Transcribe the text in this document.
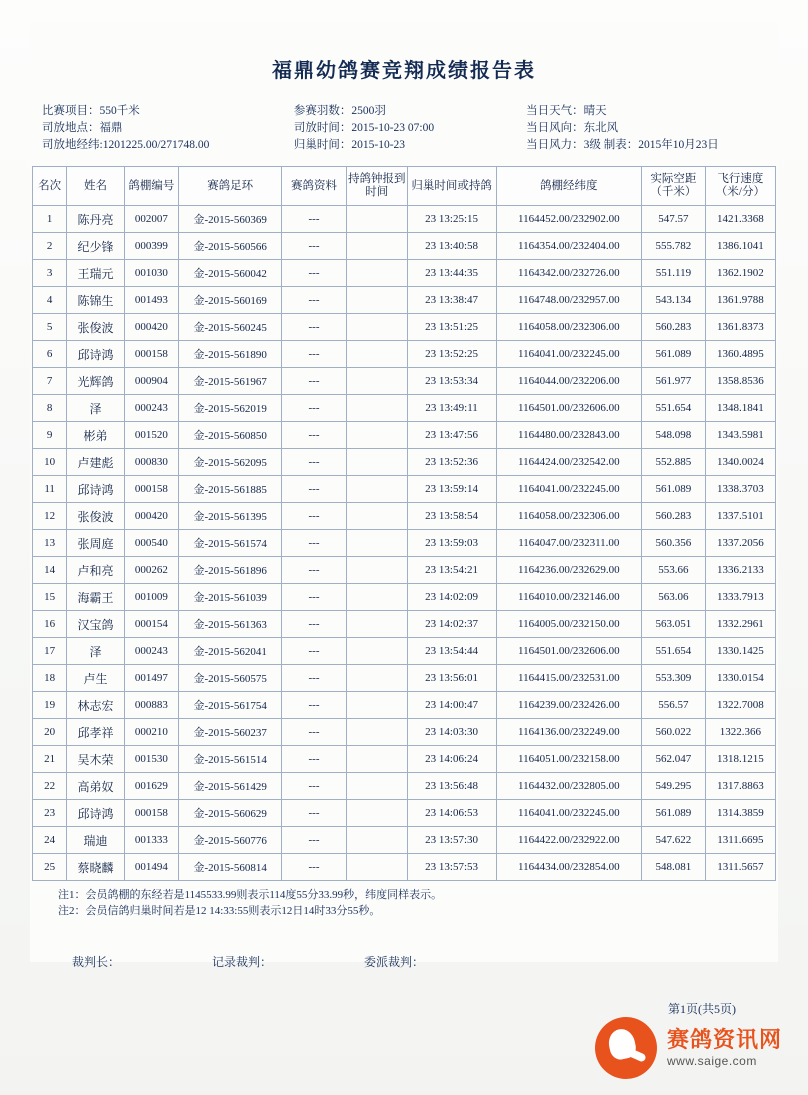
福鼎幼鸽赛竞翔成绩报告表
比赛项目：550千米
司放地点：福鼎
司放地经纬:1201225.00/271748.00
参赛羽数：2500羽
司放时间：2015-10-23 07:00
归巢时间：2015-10-23
当日天气：晴天
当日风向：东北风
当日风力：3级 制表：2015年10月23日
名次	姓名	鸽棚编号	赛鸽足环	赛鸽资料	持鸽钟报到时间	归巢时间或持鸽	鸽棚经纬度	实际空距（千米）	飞行速度（米/分）
1	陈丹亮	002007	金-2015-560369	---		23 13:25:15	1164452.00/232902.00	547.57	1421.3368
2	纪少锋	000399	金-2015-560566	---		23 13:40:58	1164354.00/232404.00	555.782	1386.1041
3	王瑞元	001030	金-2015-560042	---		23 13:44:35	1164342.00/232726.00	551.119	1362.1902
4	陈锦生	001493	金-2015-560169	---		23 13:38:47	1164748.00/232957.00	543.134	1361.9788
5	张俊波	000420	金-2015-560245	---		23 13:51:25	1164058.00/232306.00	560.283	1361.8373
6	邱诗鸿	000158	金-2015-561890	---		23 13:52:25	1164041.00/232245.00	561.089	1360.4895
7	光辉鸽	000904	金-2015-561967	---		23 13:53:34	1164044.00/232206.00	561.977	1358.8536
8	泽	000243	金-2015-562019	---		23 13:49:11	1164501.00/232606.00	551.654	1348.1841
9	彬弟	001520	金-2015-560850	---		23 13:47:56	1164480.00/232843.00	548.098	1343.5981
10	卢建彪	000830	金-2015-562095	---		23 13:52:36	1164424.00/232542.00	552.885	1340.0024
11	邱诗鸿	000158	金-2015-561885	---		23 13:59:14	1164041.00/232245.00	561.089	1338.3703
12	张俊波	000420	金-2015-561395	---		23 13:58:54	1164058.00/232306.00	560.283	1337.5101
13	张周庭	000540	金-2015-561574	---		23 13:59:03	1164047.00/232311.00	560.356	1337.2056
14	卢和亮	000262	金-2015-561896	---		23 13:54:21	1164236.00/232629.00	553.66	1336.2133
15	海霸王	001009	金-2015-561039	---		23 14:02:09	1164010.00/232146.00	563.06	1333.7913
16	汉宝鸽	000154	金-2015-561363	---		23 14:02:37	1164005.00/232150.00	563.051	1332.2961
17	泽	000243	金-2015-562041	---		23 13:54:44	1164501.00/232606.00	551.654	1330.1425
18	卢生	001497	金-2015-560575	---		23 13:56:01	1164415.00/232531.00	553.309	1330.0154
19	林志宏	000883	金-2015-561754	---		23 14:00:47	1164239.00/232426.00	556.57	1322.7008
20	邱孝祥	000210	金-2015-560237	---		23 14:03:30	1164136.00/232249.00	560.022	1322.366
21	吴木荣	001530	金-2015-561514	---		23 14:06:24	1164051.00/232158.00	562.047	1318.1215
22	高弟奴	001629	金-2015-561429	---		23 13:56:48	1164432.00/232805.00	549.295	1317.8863
23	邱诗鸿	000158	金-2015-560629	---		23 14:06:53	1164041.00/232245.00	561.089	1314.3859
24	瑞迪	001333	金-2015-560776	---		23 13:57:30	1164422.00/232922.00	547.622	1311.6695
25	蔡晓麟	001494	金-2015-560814	---		23 13:57:53	1164434.00/232854.00	548.081	1311.5657
注1：会员鸽棚的东经若是1145533.99则表示114度55分33.99秒，纬度同样表示。
注2：会员信鸽归巢时间若是12 14:33:55则表示12日14时33分55秒。
裁判长：	记录裁判：	委派裁判：
第1页(共5页)
赛鸽资讯网
www.saige.com
